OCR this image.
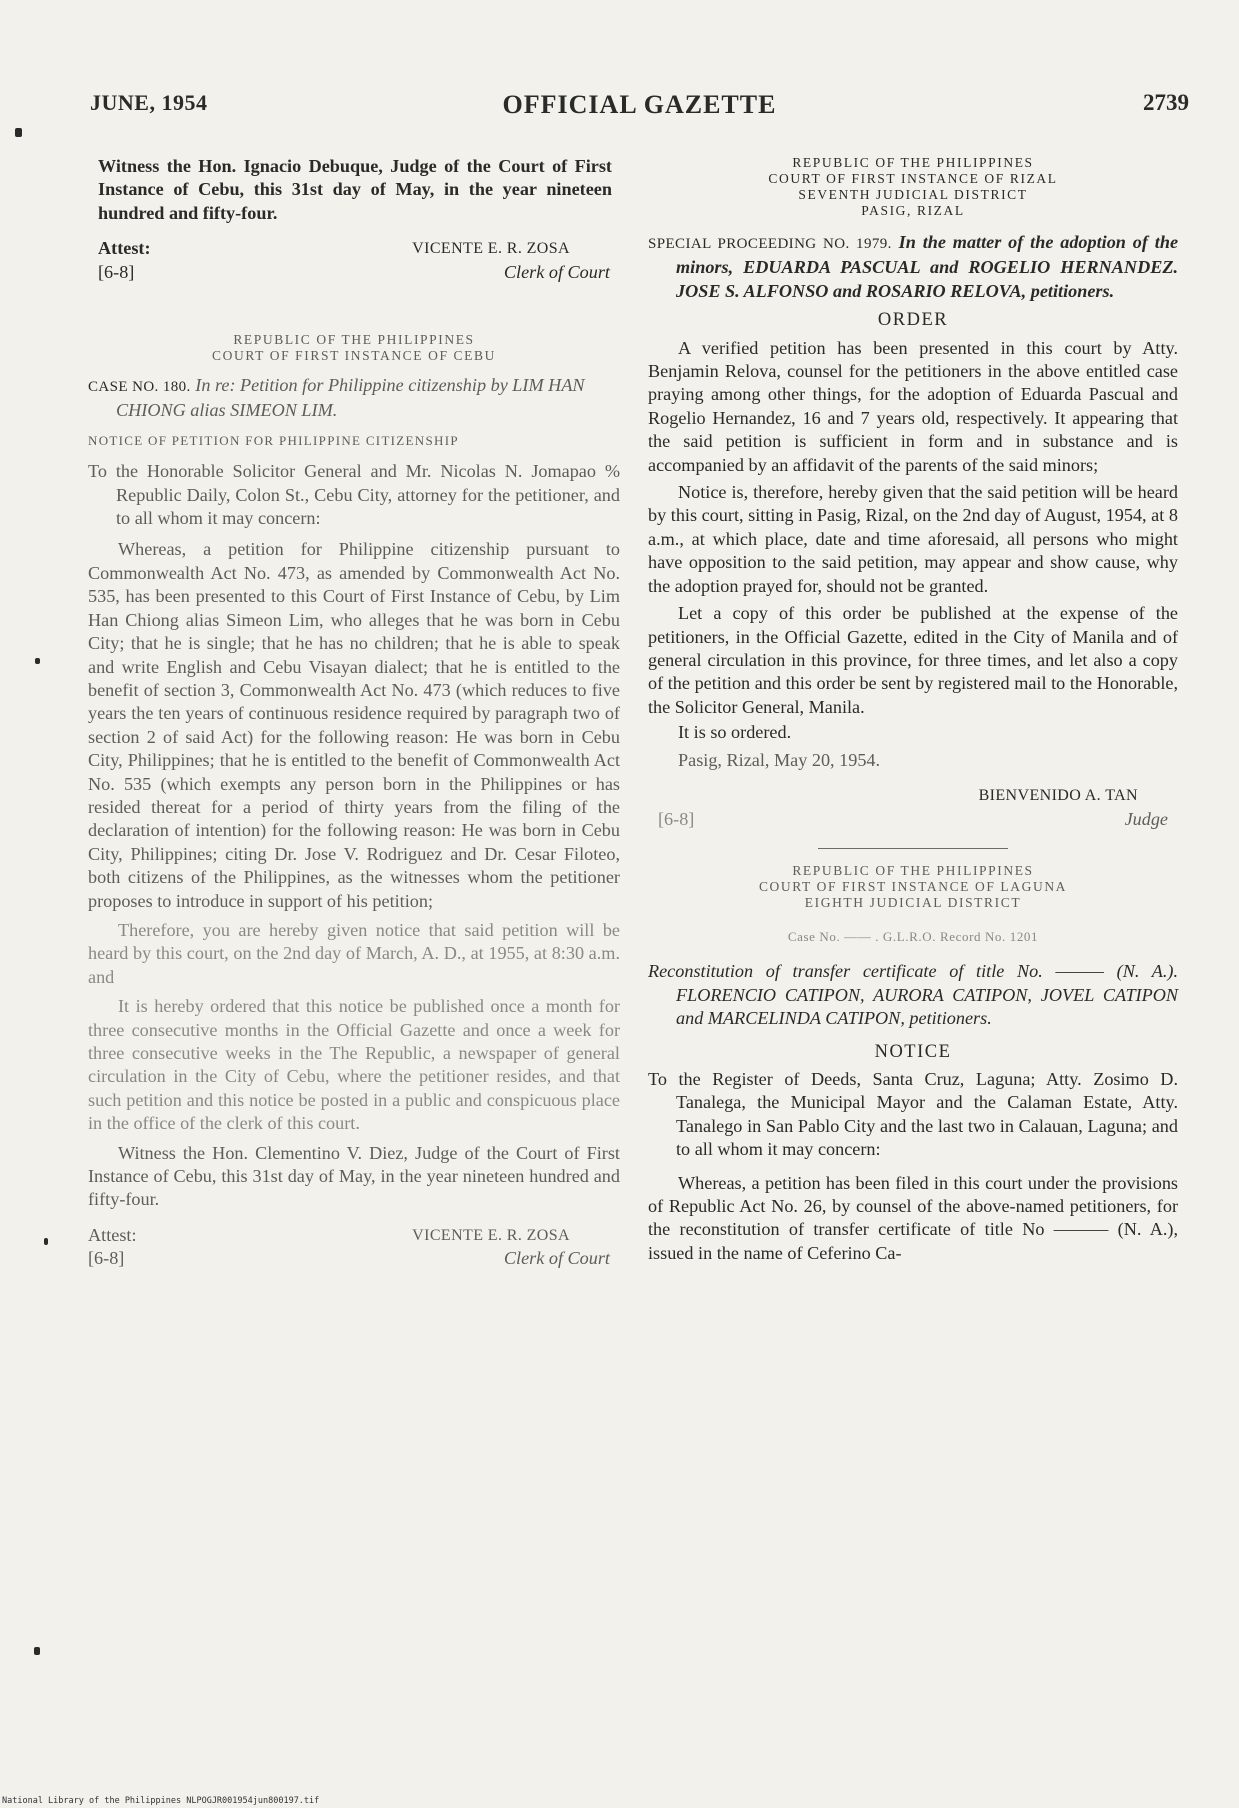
JUNE, 1954	OFFICIAL GAZETTE	2739

Witness the Hon. Ignacio Debuque, Judge of the Court of First Instance of Cebu, this 31st day of May, in the year nineteen hundred and fifty-four.

Attest:
[6-8]
VICENTE E. R. ZOSA
Clerk of Court
REPUBLIC OF THE PHILIPPINES
COURT OF FIRST INSTANCE OF CEBU

CASE NO. 180. In re: Petition for Philippine citizenship by LIM HAN CHIONG alias SIMEON LIM.

NOTICE OF PETITION FOR PHILIPPINE CITIZENSHIP

To the Honorable Solicitor General and Mr. Nicolas N. Jomapao % Republic Daily, Colon St., Cebu City, attorney for the petitioner, and to all whom it may concern:

Whereas, a petition for Philippine citizenship pursuant to Commonwealth Act No. 473, as amended by Commonwealth Act No. 535, has been presented to this Court of First Instance of Cebu, by Lim Han Chiong alias Simeon Lim, who alleges that he was born in Cebu City; that he is single; that he has no children; that he is able to speak and write English and Cebu Visayan dialect; that he is entitled to the benefit of section 3, Commonwealth Act No. 473 (which reduces to five years the ten years of continuous residence required by paragraph two of section 2 of said Act) for the following reason: He was born in Cebu City, Philippines; that he is entitled to the benefit of Commonwealth Act No. 535 (which exempts any person born in the Philippines or has resided thereat for a period of thirty years from the filing of the declaration of intention) for the following reason: He was born in Cebu City, Philippines; citing Dr. Jose V. Rodriguez and Dr. Cesar Filoteo, both citizens of the Philippines, as the witnesses whom the petitioner proposes to introduce in support of his petition;

Therefore, you are hereby given notice that said petition will be heard by this court, on the 2nd day of March, A. D., at 1955, at 8:30 a.m. and

It is hereby ordered that this notice be published once a month for three consecutive months in the Official Gazette and once a week for three consecutive weeks in the The Republic, a newspaper of general circulation in the City of Cebu, where the petitioner resides, and that such petition and this notice be posted in a public and conspicuous place in the office of the clerk of this court.

Witness the Hon. Clementino V. Diez, Judge of the Court of First Instance of Cebu, this 31st day of May, in the year nineteen hundred and fifty-four.

Attest:
[6-8]
VICENTE E. R. ZOSA
Clerk of Court
REPUBLIC OF THE PHILIPPINES
COURT OF FIRST INSTANCE OF RIZAL
SEVENTH JUDICIAL DISTRICT
PASIG, RIZAL

SPECIAL PROCEEDING NO. 1979. In the matter of the adoption of the minors, EDUARDA PASCUAL and ROGELIO HERNANDEZ. JOSE S. ALFONSO and ROSARIO RELOVA, petitioners.

ORDER

A verified petition has been presented in this court by Atty. Benjamin Relova, counsel for the petitioners in the above entitled case praying among other things, for the adoption of Eduarda Pascual and Rogelio Hernandez, 16 and 7 years old, respectively. It appearing that the said petition is sufficient in form and in substance and is accompanied by an affidavit of the parents of the said minors;

Notice is, therefore, hereby given that the said petition will be heard by this court, sitting in Pasig, Rizal, on the 2nd day of August, 1954, at 8 a.m., at which place, date and time aforesaid, all persons who might have opposition to the said petition, may appear and show cause, why the adoption prayed for, should not be granted.

Let a copy of this order be published at the expense of the petitioners, in the Official Gazette, edited in the City of Manila and of general circulation in this province, for three times, and let also a copy of the petition and this order be sent by registered mail to the Honorable, the Solicitor General, Manila.

It is so ordered.

Pasig, Rizal, May 20, 1954.

BIENVENIDO A. TAN
[6-8]	Judge
REPUBLIC OF THE PHILIPPINES
COURT OF FIRST INSTANCE OF LAGUNA
EIGHTH JUDICIAL DISTRICT
Case No. —— . G.L.R.O. Record No. 1201

Reconstitution of transfer certificate of title No. ——— (N. A.). FLORENCIO CATIPON, AURORA CATIPON, JOVEL CATIPON and MARCELINDA CATIPON, petitioners.

NOTICE

To the Register of Deeds, Santa Cruz, Laguna; Atty. Zosimo D. Tanalega, the Municipal Mayor and the Calaman Estate, Atty. Tanalego in San Pablo City and the last two in Calauan, Laguna; and to all whom it may concern:

Whereas, a petition has been filed in this court under the provisions of Republic Act No. 26, by counsel of the above-named petitioners, for the reconstitution of transfer certificate of title No ——— (N. A.), issued in the name of Ceferino Ca-

National Library of the Philippines NLPOGJR001954jun800197.tif
